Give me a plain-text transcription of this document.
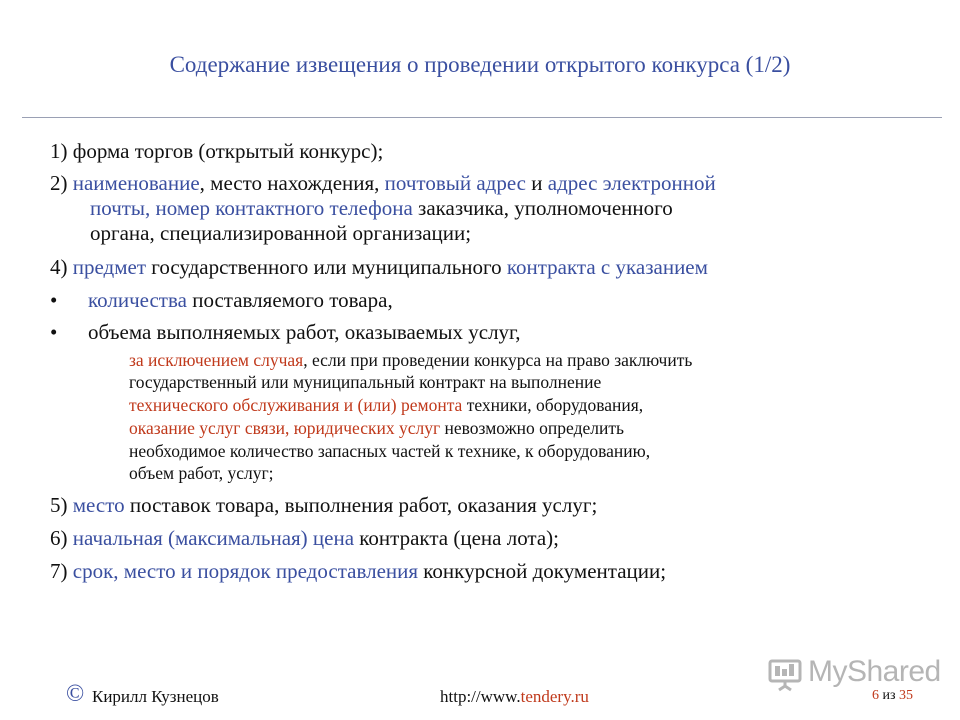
Содержание извещения о проведении открытого конкурса (1/2)
1) форма торгов (открытый конкурс);
2) наименование, место нахождения, почтовый адрес и адрес электронной
почты, номер контактного телефона заказчика, уполномоченного
органа, специализированной организации;
4) предмет государственного или муниципального контракта с указанием
• количества поставляемого товара,
• объема выполняемых работ, оказываемых услуг,
за исключением случая, если при проведении конкурса на право заключить
государственный или муниципальный контракт на выполнение
технического обслуживания и (или) ремонта техники, оборудования,
оказание услуг связи, юридических услуг невозможно определить
необходимое количество запасных частей к технике, к оборудованию,
объем работ, услуг;
5) место поставок товара, выполнения работ, оказания услуг;
6) начальная (максимальная) цена контракта (цена лота);
7) срок, место и порядок предоставления конкурсной документации;
MyShared
© Кирилл Кузнецов	http://www.tendery.ru	6 из 35
